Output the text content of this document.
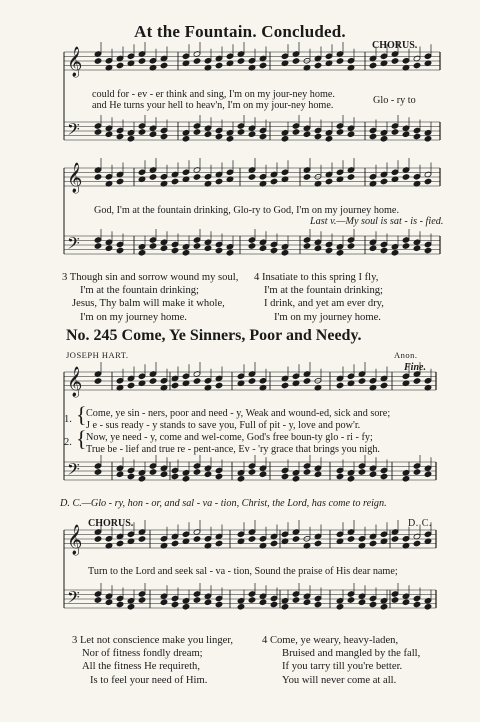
At the Fountain. Concluded.
CHORUS.
𝄞
𝄢
𝄞
𝄢
𝄞
𝄢
𝄞
𝄢
could for - ev - er think and sing, I'm on my jour-ney home.
and He turns your hell to heav'n, I'm on my jour-ney home.	Glo - ry to
God, I'm at the fountain drinking, Glo-ry to God, I'm on my journey home.
Last v.—My soul is sat - is - fied.
3 Though sin and sorrow wound my soul,
I'm at the fountain drinking;
Jesus, Thy balm will make it whole,
I'm on my journey home.
4 Insatiate to this spring I fly,
I'm at the fountain drinking;
I drink, and yet am ever dry,
I'm on my journey home.
No. 245 Come, Ye Sinners, Poor and Needy.
JOSEPH HART.	Anon.
Fine.
1. { Come, ye sin - ners, poor and need - y, Weak and wound-ed, sick and sore;
J e - sus ready - y stands to save you, Full of pit - y, love and pow'r.
2. { Now, ye need - y, come and wel-come, God's free boun-ty glo - ri - fy;
True be - lief and true re - pent-ance, Ev - 'ry grace that brings you nigh.
D. C.—Glo - ry, hon - or, and sal - va - tion, Christ, the Lord, has come to reign.
CHORUS.	D. C.
Turn to the Lord and seek sal - va - tion, Sound the praise of His dear name;
3 Let not conscience make you linger,
Nor of fitness fondly dream;
All the fitness He requireth,
Is to feel your need of Him.
4 Come, ye weary, heavy-laden,
Bruised and mangled by the fall,
If you tarry till you're better.
You will never come at all.
